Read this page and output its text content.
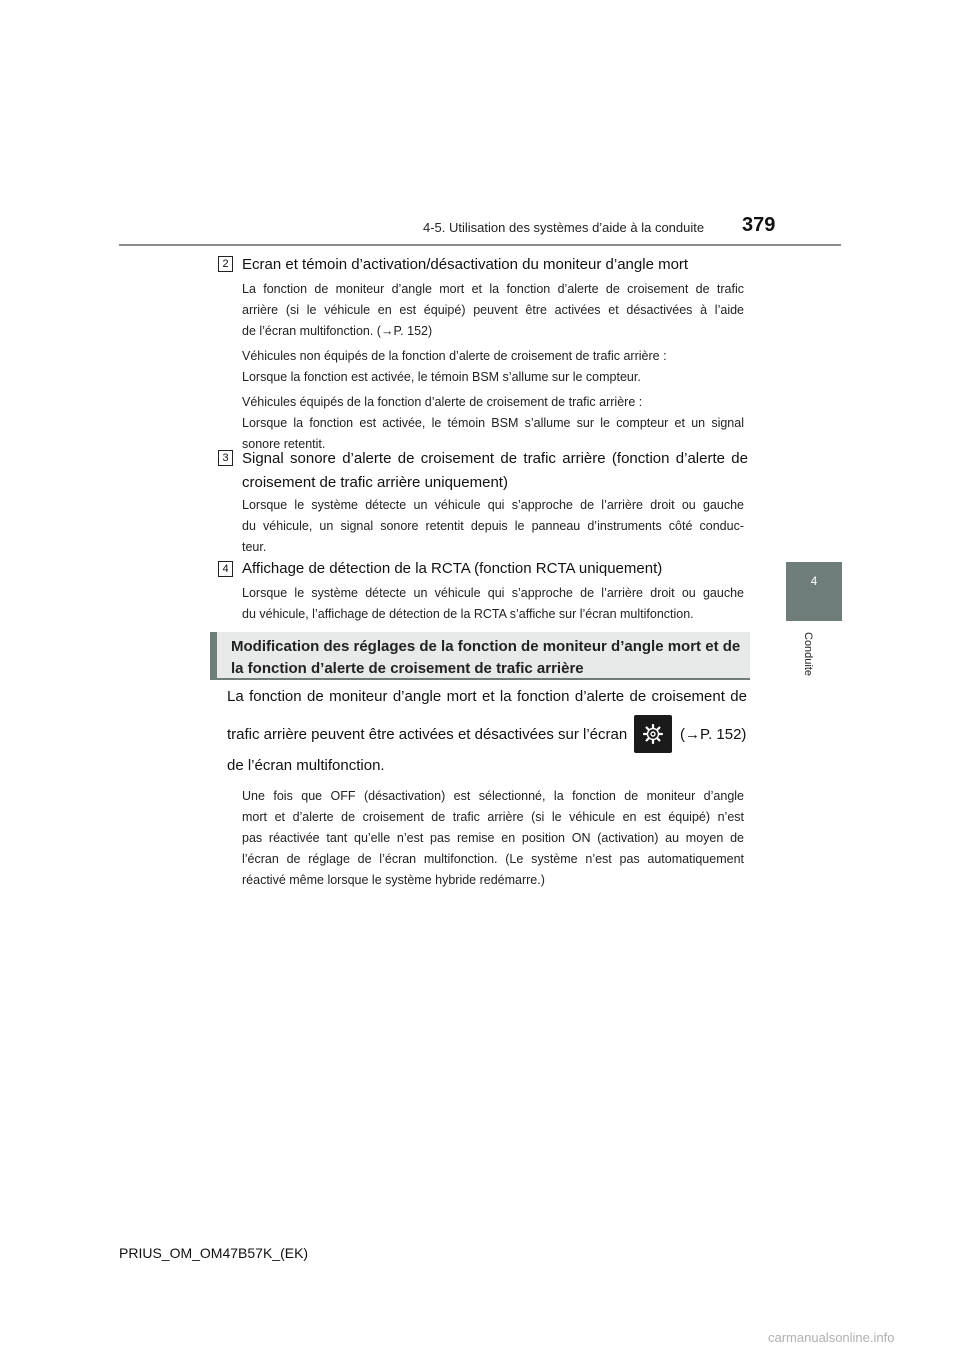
4-5. Utilisation des systèmes d’aide à la conduite 379
4
Conduite
2 Ecran et témoin d’activation/désactivation du moniteur d’angle mort
La fonction de moniteur d’angle mort et la fonction d’alerte de croisement de trafic
arrière (si le véhicule en est équipé) peuvent être activées et désactivées à l’aide
de l’écran multifonction. (→P. 152)
Véhicules non équipés de la fonction d’alerte de croisement de trafic arrière :
Lorsque la fonction est activée, le témoin BSM s’allume sur le compteur.
Véhicules équipés de la fonction d’alerte de croisement de trafic arrière :
Lorsque la fonction est activée, le témoin BSM s’allume sur le compteur et un signal
sonore retentit.
3 Signal sonore d’alerte de croisement de trafic arrière (fonction d’alerte de
croisement de trafic arrière uniquement)
Lorsque le système détecte un véhicule qui s’approche de l’arrière droit ou gauche
du véhicule, un signal sonore retentit depuis le panneau d’instruments côté conduc-
teur.
4 Affichage de détection de la RCTA (fonction RCTA uniquement)
Lorsque le système détecte un véhicule qui s’approche de l’arrière droit ou gauche
du véhicule, l’affichage de détection de la RCTA s’affiche sur l’écran multifonction.
Modification des réglages de la fonction de moniteur d’angle mort et de
la fonction d’alerte de croisement de trafic arrière
La fonction de moniteur d’angle mort et la fonction d’alerte de croisement de
trafic arrière peuvent être activées et désactivées sur l’écran	(→P. 152)
de l’écran multifonction.
Une fois que OFF (désactivation) est sélectionné, la fonction de moniteur d’angle
mort et d’alerte de croisement de trafic arrière (si le véhicule en est équipé) n’est
pas réactivée tant qu’elle n’est pas remise en position ON (activation) au moyen de
l’écran de réglage de l’écran multifonction. (Le système n’est pas automatiquement
réactivé même lorsque le système hybride redémarre.)
PRIUS_OM_OM47B57K_(EK)
carmanualsonline.info
